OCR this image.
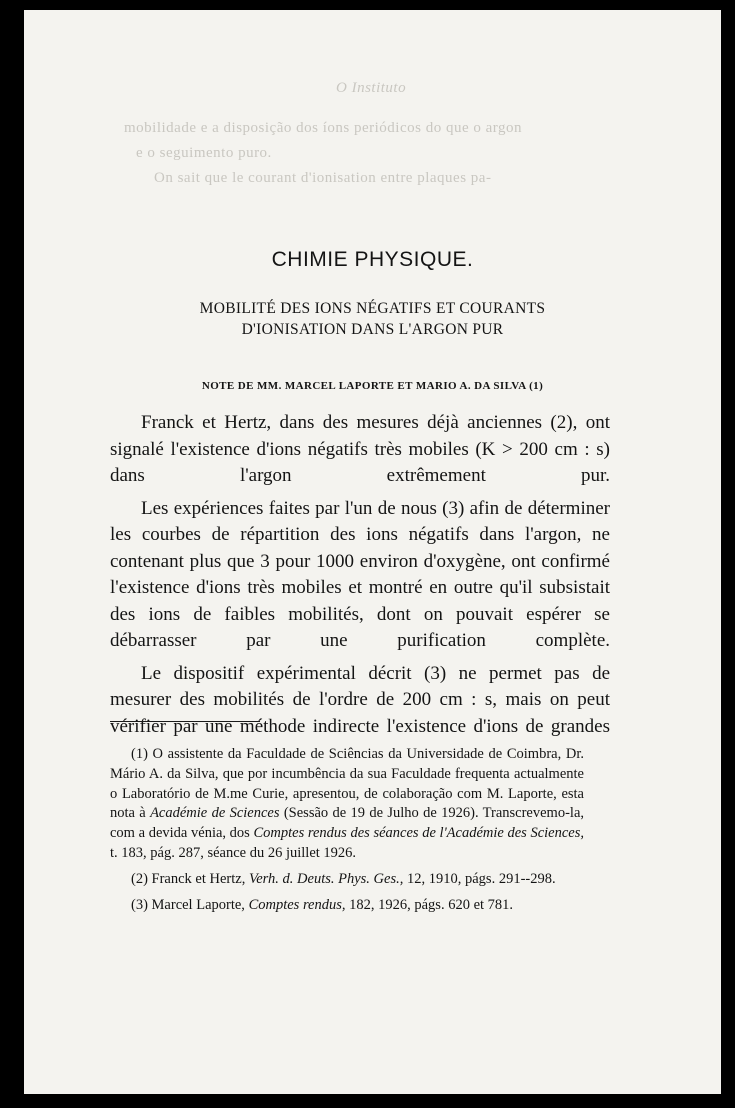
O Instituto
mobilidade e a disposição dos íons periódicos do que o argon
e o seguimento puro.
On sait que le courant d'ionisation entre plaques pa-
CHIMIE PHYSIQUE.
MOBILITÉ DES IONS NÉGATIFS ET COURANTS
D'IONISATION DANS L'ARGON PUR
NOTE DE MM. MARCEL LAPORTE ET MARIO A. DA SILVA (1)

Franck et Hertz, dans des mesures déjà anciennes (2), ont signalé l'existence d'ions négatifs très mobiles (K > 200 cm : s) dans l'argon extrêmement pur.

Les expériences faites par l'un de nous (3) afin de déterminer les courbes de répartition des ions négatifs dans l'argon, ne contenant plus que 3 pour 1000 environ d'oxygène, ont confirmé l'existence d'ions très mobiles et montré en outre qu'il subsistait des ions de faibles mobilités, dont on pouvait espérer se débarrasser par une purification complète.

Le dispositif expérimental décrit (3) ne permet pas de mesurer des mobilités de l'ordre de 200 cm : s, mais on peut vérifier par une méthode indirecte l'existence d'ions de grandes

(1) O assistente da Faculdade de Sciências da Universidade de Coimbra, Dr. Mário A. da Silva, que por incumbência da sua Faculdade frequenta actualmente o Laboratório de M.me Curie, apresentou, de colaboração com M. Laporte, esta nota à Académie de Sciences (Sessão de 19 de Julho de 1926). Transcrevemo-la, com a devida vénia, dos Comptes rendus des séances de l'Académie des Sciences, t. 183, pág. 287, séance du 26 juillet 1926.

(2) Franck et Hertz, Verh. d. Deuts. Phys. Ges., 12, 1910, págs. 291--298.

(3) Marcel Laporte, Comptes rendus, 182, 1926, págs. 620 et 781.
